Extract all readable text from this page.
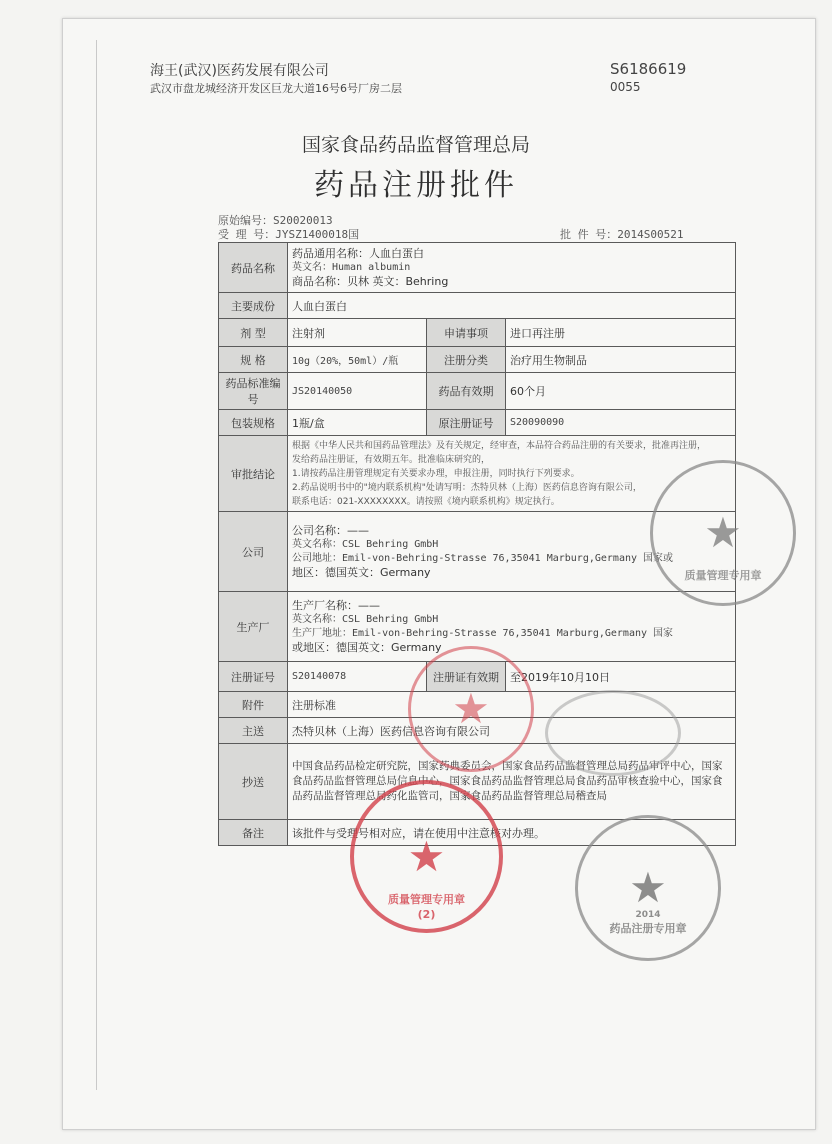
海王(武汉)医药发展有限公司
武汉市盘龙城经济开发区巨龙大道16号6号厂房二层
S6186619
0055
国家食品药品监督管理总局
药品注册批件
原始编号：S20020013
受 理 号：JYSZ1400018国	批 件 号：2014S00521
药品名称	药品通用名称：人血白蛋白
英文名：Human albumin
商品名称：贝林 英文：Behring		

主要成份	人血白蛋白		
剂 型	注射剂	申请事项	进口再注册
规 格	10g（20%，50ml）/瓶	注册分类	治疗用生物制品
药品标准编号	JS20140050	药品有效期	60个月
包装规格	1瓶/盒	原注册证号	S20090090
审批结论	根据《中华人民共和国药品管理法》及有关规定，经审查，本品符合药品注册的有关要求，批准再注册，
发给药品注册证，有效期五年。批准临床研究的，
1.请按药品注册管理规定有关要求办理，申报注册，同时执行下列要求。
2.药品说明书中的"境内联系机构"处请写明：杰特贝林（上海）医药信息咨询有限公司，
联系电话：021-XXXXXXXX。请按照《境内联系机构》规定执行。		

公司	公司名称：——
英文名称：CSL Behring GmbH
公司地址：Emil-von-Behring-Strasse 76,35041 Marburg,Germany 国家或
地区：德国英文：Germany		

生产厂	生产厂名称：——
英文名称：CSL Behring GmbH
生产厂地址：Emil-von-Behring-Strasse 76,35041 Marburg,Germany 国家
或地区：德国英文：Germany		

注册证号	S20140078	注册证有效期	至2019年10月10日
附件	注册标准		
主送	杰特贝林（上海）医药信息咨询有限公司		
抄送	中国食品药品检定研究院，国家药典委员会，国家食品药品监督管理总局药品审评中心，国家食品药品监督管理总局信息中心，国家食品药品监督管理总局食品药品审核查验中心，国家食品药品监督管理总局药化监管司，国家食品药品监督管理总局稽查局		
备注	该批件与受理号相对应，请在使用中注意核对办理。		
★
质量管理专用章
(2)
★
★
质量管理专用章
★
药品注册专用章
2014
